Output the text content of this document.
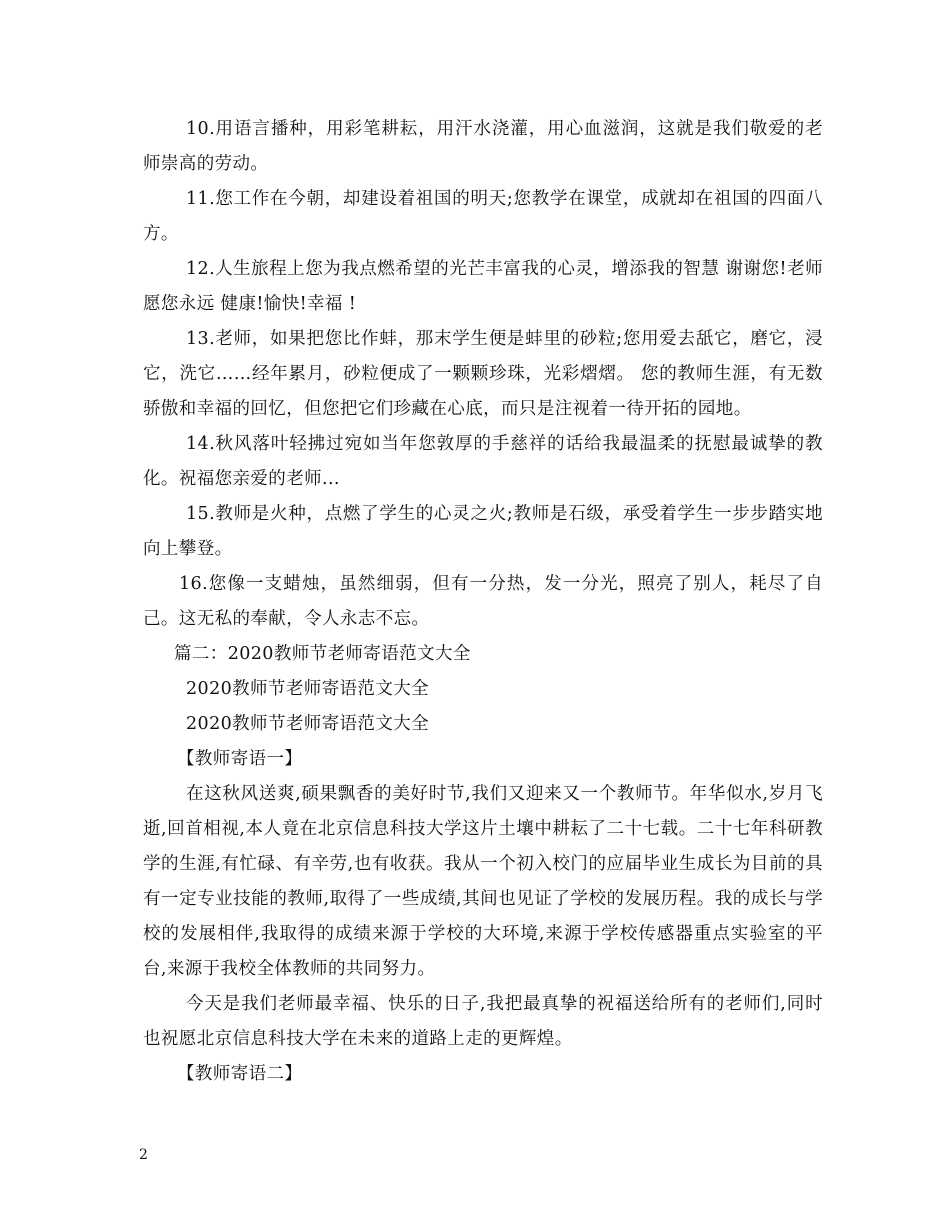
10.用语言播种，用彩笔耕耘，用汗水浇灌，用心血滋润，这就是我们敬爱的老师崇高的劳动。

11.您工作在今朝，却建设着祖国的明天;您教学在课堂，成就却在祖国的四面八方。

12.人生旅程上您为我点燃希望的光芒丰富我的心灵，增添我的智慧 谢谢您!老师 愿您永远 健康!愉快!幸福 !

13.老师，如果把您比作蚌，那末学生便是蚌里的砂粒;您用爱去舐它，磨它，浸它，洗它……经年累月，砂粒便成了一颗颗珍珠，光彩熠熠。 您的教师生涯，有无数骄傲和幸福的回忆，但您把它们珍藏在心底，而只是注视着一待开拓的园地。

14.秋风落叶轻拂过宛如当年您敦厚的手慈祥的话给我最温柔的抚慰最诚挚的教化。祝福您亲爱的老师...

15.教师是火种，点燃了学生的心灵之火;教师是石级，承受着学生一步步踏实地向上攀登。

16.您像一支蜡烛，虽然细弱，但有一分热，发一分光，照亮了别人，耗尽了自己。这无私的奉献，令人永志不忘。

篇二：2020教师节老师寄语范文大全

2020教师节老师寄语范文大全

2020教师节老师寄语范文大全

【教师寄语一】

在这秋风送爽,硕果飘香的美好时节,我们又迎来又一个教师节。年华似水,岁月飞逝,回首相视,本人竟在北京信息科技大学这片土壤中耕耘了二十七载。二十七年科研教学的生涯,有忙碌、有辛劳,也有收获。我从一个初入校门的应届毕业生成长为目前的具有一定专业技能的教师,取得了一些成绩,其间也见证了学校的发展历程。我的成长与学校的发展相伴,我取得的成绩来源于学校的大环境,来源于学校传感器重点实验室的平台,来源于我校全体教师的共同努力。

今天是我们老师最幸福、快乐的日子,我把最真挚的祝福送给所有的老师们,同时也祝愿北京信息科技大学在未来的道路上走的更辉煌。

【教师寄语二】

2
